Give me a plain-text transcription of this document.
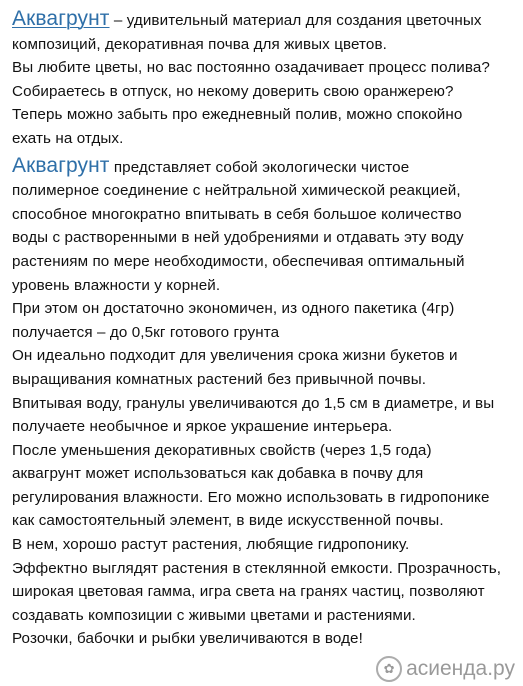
Аквагрунт – удивительный материал для создания цветочных
композиций, декоративная почва для живых цветов.
Вы любите цветы, но вас постоянно озадачивает процесс полива?
Собираетесь в отпуск, но некому доверить свою оранжерею?
Теперь можно забыть про ежедневный полив, можно спокойно
ехать на отдых.
Аквагрунт представляет собой экологически чистое
полимерное соединение с нейтральной химической реакцией,
способное многократно впитывать в себя большое количество
воды с растворенными в ней удобрениями и отдавать эту воду
растениям по мере необходимости, обеспечивая оптимальный
уровень влажности у корней.
При этом он достаточно экономичен, из одного пакетика (4гр)
получается – до 0,5кг готового грунта
Он идеально подходит для увеличения срока жизни букетов и
выращивания комнатных растений без привычной почвы.
Впитывая воду, гранулы увеличиваются до 1,5 см в диаметре, и вы
получаете необычное и яркое украшение интерьера.
После уменьшения декоративных свойств (через 1,5 года)
аквагрунт может использоваться как добавка в почву для
регулирования влажности. Его можно использовать в гидропонике
как самостоятельный элемент, в виде искусственной почвы.
В нем, хорошо растут растения, любящие гидропонику.
Эффектно выглядят растения в стеклянной емкости. Прозрачность,
широкая цветовая гамма, игра света на гранях частиц, позволяют
создавать композиции с живыми цветами и растениями.
Розочки, бабочки и рыбки увеличиваются в воде!
✿ асиенда.ру
